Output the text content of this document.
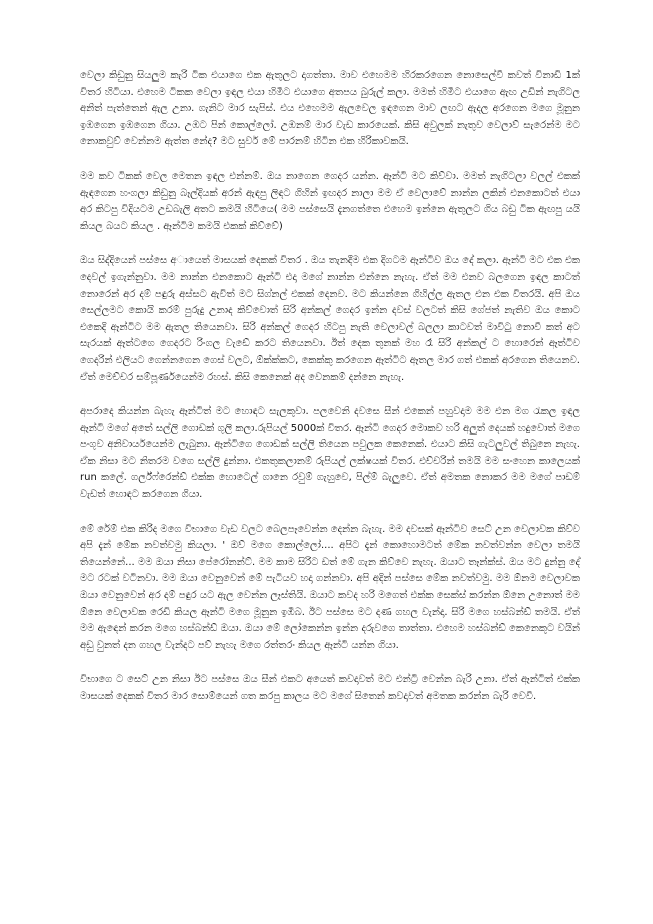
වෙලා කිඩුනු සියලුම කැරි ටික එයාගෙ එක ඇතුලට දාගත්තා. මාව එහෙමම හිරකරගෙන නොසෙල්වී කවත් විනාඩි 1ක් විතර හිටියා. එහෙම ටිකක වෙලා ඉඳල එයා හිමීට එයාගෙ අතපය බුරුල් කලා. මමත් හිමීට එයාගෙ ඇඟ උඩින් නැගිටල අනිත් පැත්තෙන් ඇල උනා. ගැනිට මාර සැපිස්. එය එහෙමම ඇලවෙල ඉඳගෙන මාව ලඟට ඇදල අරගෙන මගෙ මූනුන ඉඹගෙන ඉඹගෙන ගියා. උඹට පින් කොල්ලෝ. උඹනම් මාර වැඩ කාරයෙක්. කිසි අවුලක් නැතුව වෙලාව් සැරෙන්ම මට නොකවුව් වෙන්නම ඇත්ත නේද? මට සුවර් මේ පාරනම් හිටින එක හිරිකාවකයි.

මම කව ටිකක් වෙල මෙතන ඉඳල එන්නම්. ඔය නාගෙන ගෙදර යන්න. ඈන්ටි මට කිව්වා. මමත් නැගිටලා වලල් එකක් ඇඳගෙන හංගලා කිඩුනු බෑල්දියක් අරන් ඇඳපු ලිඳට ගිහින් ඉඟදර නාලා මම ඒ වෙලාවේ නාන්න ලකින් එනකොටත් එයා අර කිටපු විදියටම උඩබැලි අතට කමයි හිටියෙ( මම පස්සෙයි දැනගත්තෙ එහෙම ඉන්නෙ ඇතුලට ගිය බඩු ටික ඇඟපු යයි කියල බයට කියල . ඈන්ටිම කමයි එකක් කිව්වේ)

ඔය සිද්දියෙන් පස්සෙ අායෙත් මාසයක් දෙකක් විතර . ඔය තැනදීම එක දිගටම ඈන්ටිව ඔය දේ කලා. ඈන්ටි මට එක එක දෙවල් ඉගැන්නුවා. මම නාන්න එනකොට ඈන්ටි එදා මගේ නාන්න එන්නෙ නැහැ. ඒත් මම එනව බලගෙන ඉඳල කාටත් නොරෙන් අර දම් පඳුරු අස්සට ඇවිත් මට සිග්නල් එකක් දෙනව. මට කියන්නෙ ගිහිල්ල ඇතල එන එක විතරයි. අපි ඔය සෙල්ලමට කොයි කරම් පුරුදු උනාද කිව්වොත් සිරි අන්කල් ගෙදර ඉන්න දවස් වලටත් කිසි ගේජත් නැතිව ඔය කොට එකෙදි ඈන්ටිට මම ඇතල තියෙනවා. සිරි අන්කල් ගෙදර හිටපු නැති වෙලාවල් බලලා කාටවත් මාවිටු නොවී කත් අට සැරයක් ඈත්ටගෙ ගෙදරට රිංගල වැඩේ කරට තියෙනවා. ඊත් දෙක තුනක් මහ රෑ සිරි අන්කල් ට හොරෙන් ඈත්ටිව ගෙදරින් එලියට ගෙන්නගෙන ගෙස් වලට, ඕක්ක්කට, කෙක්කු කරගෙන ඈත්ටිට ඈතල මාර ගත් එකක් අරගෙන තියෙනව. ඒත් මෙච්චර සම්පූර්ණයෙන්ම රහස්. කිසි කෙනෙක් අද වෙනකම් දන්නෙ නැහැ.

අපරාදෙ කියන්න බැහැ ඈන්ටිත් මට හොඳට සැලකුවා. පලවෙනි දවසෙ සීන් එකෙන් පහුවදාම මම එන මග රැකල ඉඳල ඈන්ටි මගේ අතේ සල්ලි ගොඩක් ගුලි කලා.රුපියල් 5000ක් විතර. ඈන්ටි ගෙදර මොකව හරි අලුත් දෙයක් හදුවොත් මගෙ පංගුව අනිවාර්යයෙන්ම ලැබුනා. ඈන්ටිගෙ ගොඩක් සල්ලි තියෙන පවුලක කෙනෙක්. එයාට කිසි ගැටලුවල් තිබුනෙ නැහැ. ඒක නිසා මට නිතරම වගෙ සල්ලි දුන්නා. එකතුකලානම් රුපියල් ලක්ෂයක් විතර. එච්චරින් තමයි මම සංහෙන කාලෙයක් run කලේ. ගර්ල්ෆ්රෙන්ඩ් එක්ක හොටෙල් ගානෙ රවුම් ගැහුවෙ, පිල්ම් බැලුවෙ. ඒත් අමතක නොකර මම මගේ පාඩම් වැඩත් හොඳට කරගෙන ගියා.

මේ රේම් එක කිරිද මගෙ විභාගෙ වැඩ වලට බෙලපෑවෙන්න දෙන්න බැහැ. මම දවසක් ඈන්ටිව සෙට් උන වෙලාවක කිව්ව අපි දැන් මේක නවත්වමු කියලා. ' ඔව් මගෙ කොල්ලෝ.... අපිට දැන් කොහොමටත් මේක නවත්වන්න වෙලා තමයි තියෙන්නේ... මම ඔයා නිසා පේරෝනන්ට්. මම කාම සිරිට ඩත් මේ ගැන කිව්වෙ නැහැ. ඔයාට තෑන්ක්ස්. ඔය මට දුන්නු දේ මට රටක් වටිනවා. මම ඔයා වෙනුවෙන් මේ පැටියව හදා ගන්නවා. අපි අදින් පස්සෙ මේක නවත්වමු. මම ඕනම වෙලාවක ඔයා වෙනුවෙන් අර දම් පඳුර යට ඇල වෙන්න ලෑස්තියි. ඔයාට කවද හරි මගෙත් එක්ක සෙක්ස් කරන්න ඕනෙ උනොත් මම ඕනෙ වෙලාවක රෙඩි කියල ඈන්ටි මගෙ මූනුන ඉඹීබ. ඊට පස්සෙ මට දණ ගහල වැන්දා. සිරි මගෙ හස්බන්ඩ් තමයි. ඒත් මම ඇඳෙන් කරන මගෙ හස්බන්ඩ් ඔයා. ඔයා මේ ලෝකෙන්න ඉන්න දරුවගෙ තාත්තා. එහෙම හස්බන්ඩ් කෙනෙකුට වයින් අඩු වුනත් දන ගහල වැන්දට පව් නැහැ මගෙ රත්තරං කියල ඈන්ටි යන්න ගියා.

විභාගෙ ට සෙට් උන නිසා ඊට පස්සෙ ඔය සීන් එකට අයෙත් කවදාවත් මට එන්ට්‍රි වෙන්න බැරි උනා. ඒත් ඈන්ටිත් එක්ක මාසයක් දෙකක් විතර මාර සොම්යෙන් ගත කරපු කාලය මට මගේ සිතෙන් කවදාවත් අමතක කරන්න බැරි වෙවී.
